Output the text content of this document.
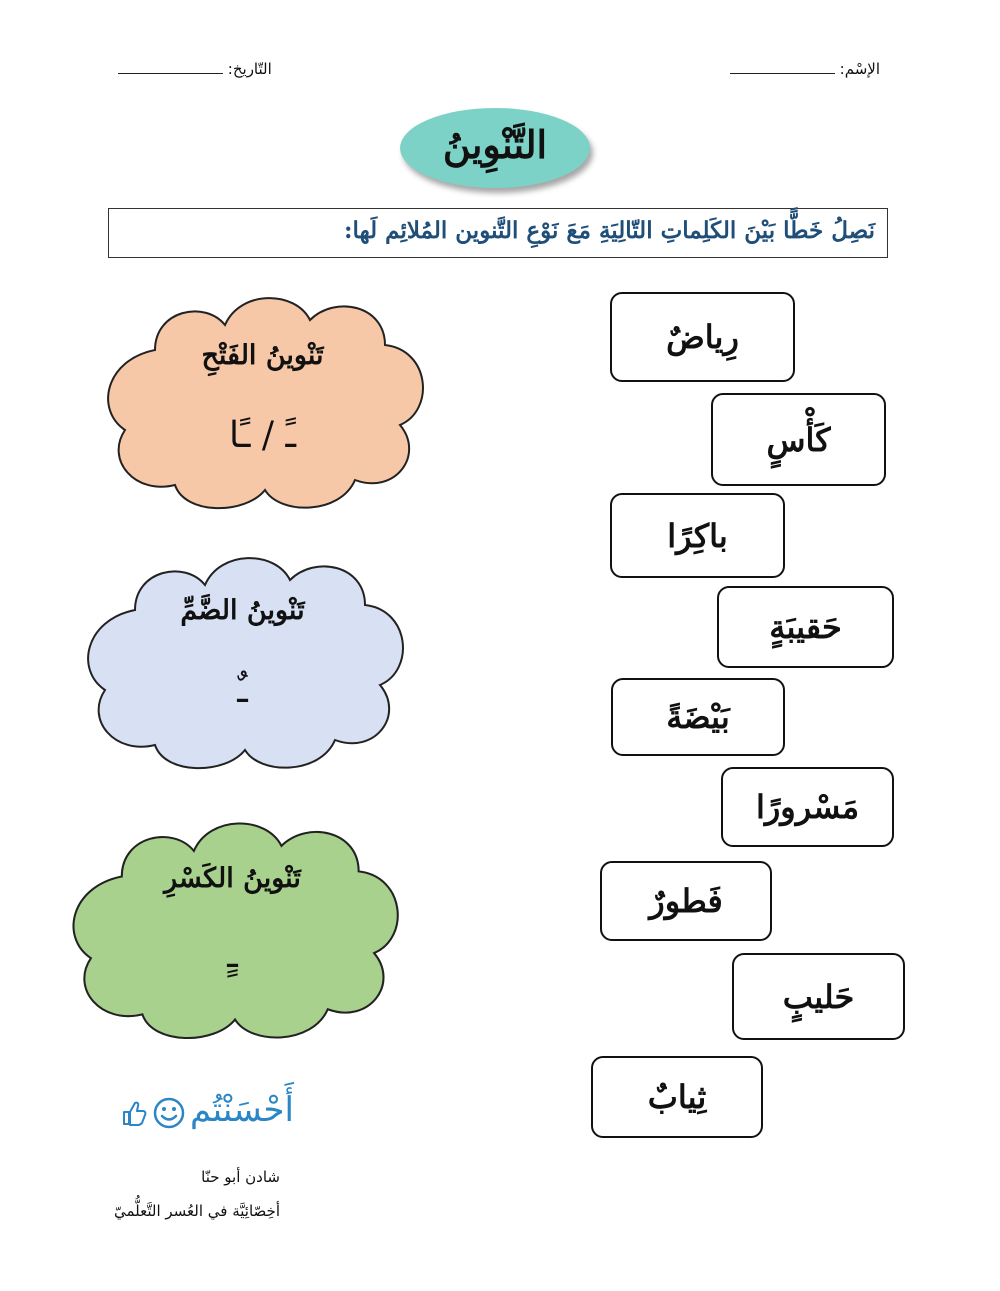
الإسْم:
التّاريخ:
التَّنْوِينُ
نَصِلُ خَطًّا بَيْنَ الكَلِماتِ التّالِيَةِ مَعَ نَوْعِ التَّنوين المُلائِم لَها:
تَنْوينُ الفَتْحِ
ـً / ـًا
تَنْوينُ الضَّمِّ
ـٌ
تَنْوينُ الكَسْرِ
ـٍ
رِياضٌ
كَأْسٍ
باكِرًا
حَقيبَةٍ
بَيْضَةً
مَسْرورًا
فَطورٌ
حَليبٍ
ثِيابٌ
أَحْسَنْتُم
شادن أبو حنّا
أخِصّائِيَّة في العُسر التَّعلُّميّ
